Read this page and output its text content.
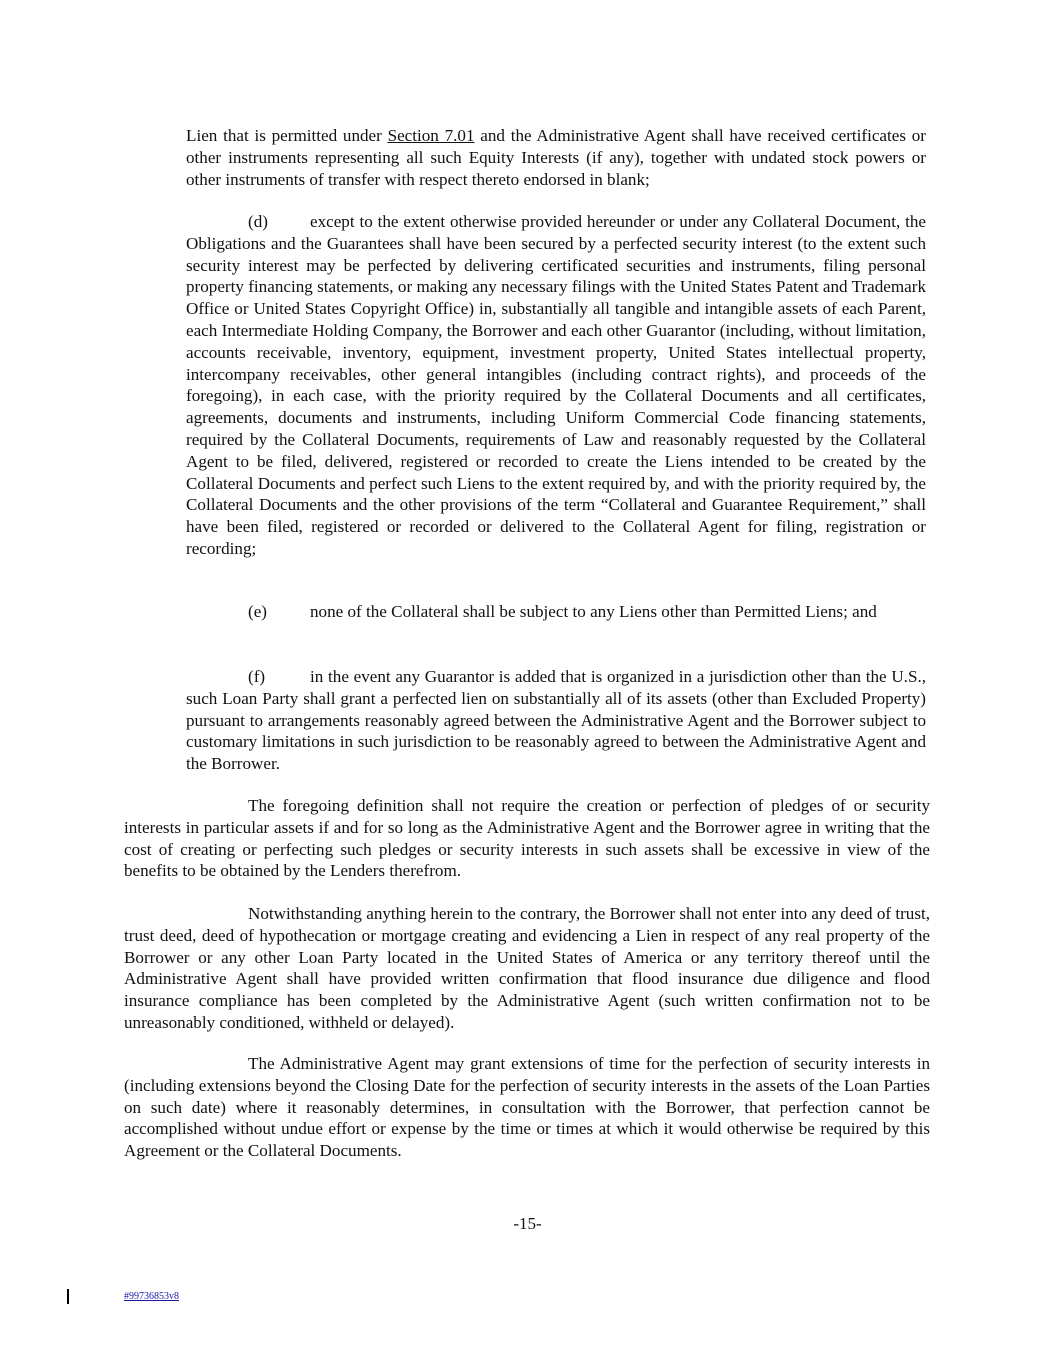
Lien that is permitted under Section 7.01 and the Administrative Agent shall have received certificates or other instruments representing all such Equity Interests (if any), together with undated stock powers or other instruments of transfer with respect thereto endorsed in blank;

(d) except to the extent otherwise provided hereunder or under any Collateral Document, the Obligations and the Guarantees shall have been secured by a perfected security interest (to the extent such security interest may be perfected by delivering certificated securities and instruments, filing personal property financing statements, or making any necessary filings with the United States Patent and Trademark Office or United States Copyright Office) in, substantially all tangible and intangible assets of each Parent, each Intermediate Holding Company, the Borrower and each other Guarantor (including, without limitation, accounts receivable, inventory, equipment, investment property, United States intellectual property, intercompany receivables, other general intangibles (including contract rights), and proceeds of the foregoing), in each case, with the priority required by the Collateral Documents and all certificates, agreements, documents and instruments, including Uniform Commercial Code financing statements, required by the Collateral Documents, requirements of Law and reasonably requested by the Collateral Agent to be filed, delivered, registered or recorded to create the Liens intended to be created by the Collateral Documents and perfect such Liens to the extent required by, and with the priority required by, the Collateral Documents and the other provisions of the term “Collateral and Guarantee Requirement,” shall have been filed, registered or recorded or delivered to the Collateral Agent for filing, registration or recording;

(e)	none of the Collateral shall be subject to any Liens other than Permitted Liens; and

(f)	in the event any Guarantor is added that is organized in a jurisdiction other than the U.S., such Loan Party shall grant a perfected lien on substantially all of its assets (other than Excluded Property) pursuant to arrangements reasonably agreed between the Administrative Agent and the Borrower subject to customary limitations in such jurisdiction to be reasonably agreed to between the Administrative Agent and the Borrower.

The foregoing definition shall not require the creation or perfection of pledges of or security interests in particular assets if and for so long as the Administrative Agent and the Borrower agree in writing that the cost of creating or perfecting such pledges or security interests in such assets shall be excessive in view of the benefits to be obtained by the Lenders therefrom.

Notwithstanding anything herein to the contrary, the Borrower shall not enter into any deed of trust, trust deed, deed of hypothecation or mortgage creating and evidencing a Lien in respect of any real property of the Borrower or any other Loan Party located in the United States of America or any territory thereof until the Administrative Agent shall have provided written confirmation that flood insurance due diligence and flood insurance compliance has been completed by the Administrative Agent (such written confirmation not to be unreasonably conditioned, withheld or delayed).

The Administrative Agent may grant extensions of time for the perfection of security interests in (including extensions beyond the Closing Date for the perfection of security interests in the assets of the Loan Parties on such date) where it reasonably determines, in consultation with the Borrower, that perfection cannot be accomplished without undue effort or expense by the time or times at which it would otherwise be required by this Agreement or the Collateral Documents.

-15-
#99736853v8
